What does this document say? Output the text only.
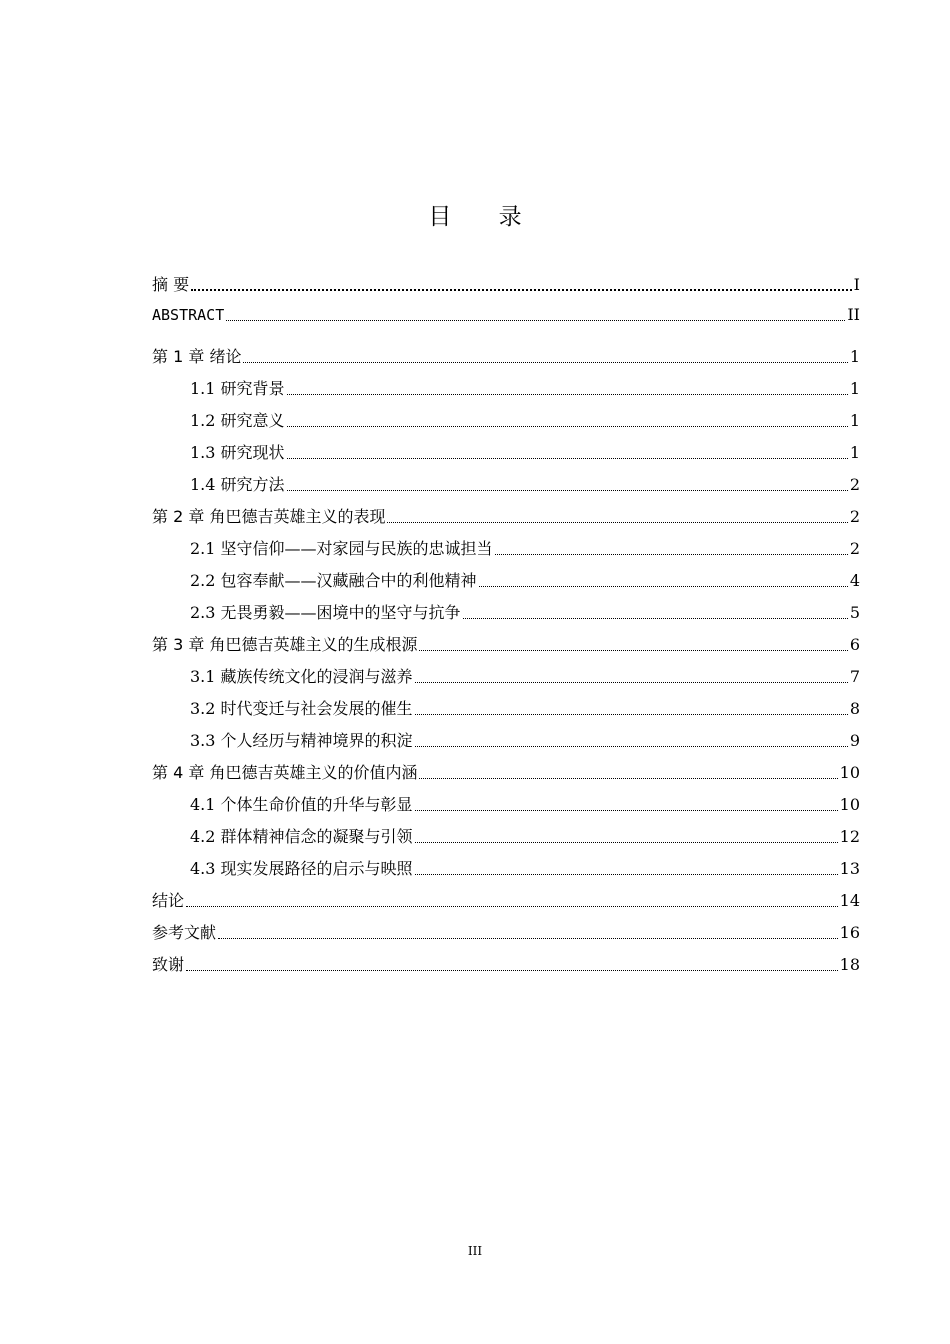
目 录
摘 要	I
ABSTRACT	II
第 1 章 绪论	1
1.1 研究背景	1
1.2 研究意义	1
1.3 研究现状	1
1.4 研究方法	2
第 2 章 角巴德吉英雄主义的表现	2
2.1 坚守信仰——对家园与民族的忠诚担当	2
2.2 包容奉献——汉藏融合中的利他精神	4
2.3 无畏勇毅——困境中的坚守与抗争	5
第 3 章 角巴德吉英雄主义的生成根源	6
3.1 藏族传统文化的浸润与滋养	7
3.2 时代变迁与社会发展的催生	8
3.3 个人经历与精神境界的积淀	9
第 4 章 角巴德吉英雄主义的价值内涵	10
4.1 个体生命价值的升华与彰显	10
4.2 群体精神信念的凝聚与引领	12
4.3 现实发展路径的启示与映照	13
结论	14
参考文献	16
致谢	18
III
